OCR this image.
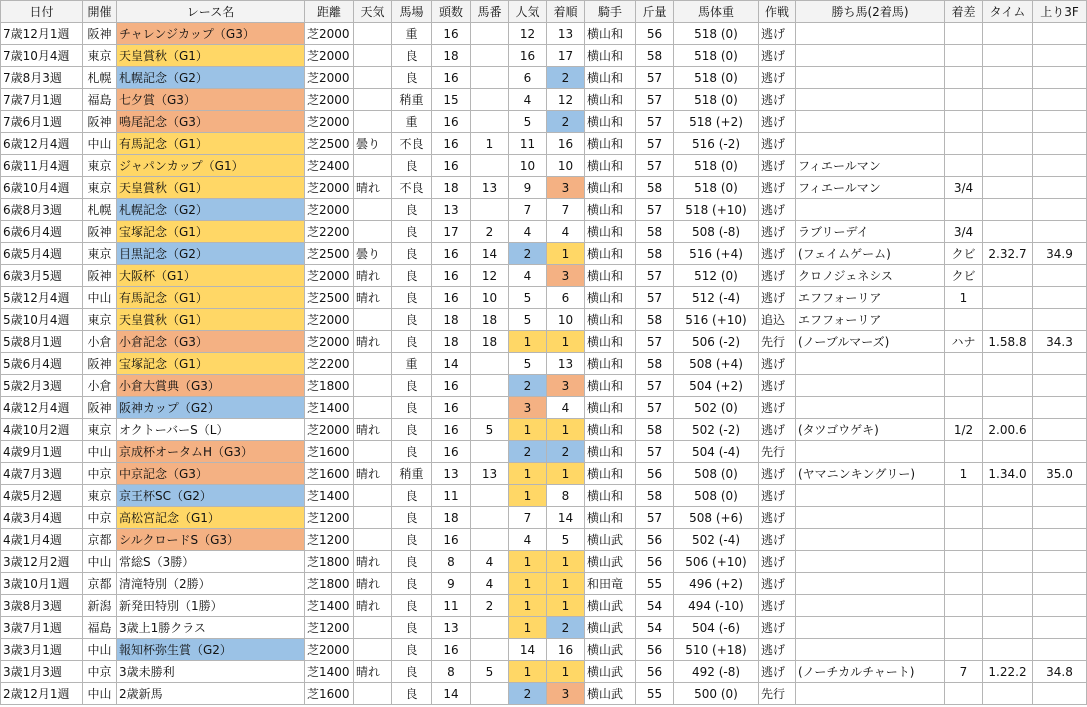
日付	開催	レース名	距離	天気	馬場	頭数	馬番	人気	着順	騎手	斤量	馬体重	作戦	勝ち馬(2着馬)	着差	タイム	上り3F
7歳12月1週	阪神	チャレンジカップ（G3）	芝2000		重	16		12	13	横山和	56	518 (0)	逃げ				
7歳10月4週	東京	天皇賞秋（G1）	芝2000		良	18		16	17	横山和	58	518 (0)	逃げ				
7歳8月3週	札幌	札幌記念（G2）	芝2000		良	16		6	2	横山和	57	518 (0)	逃げ				
7歳7月1週	福島	七夕賞（G3）	芝2000		稍重	15		4	12	横山和	57	518 (0)	逃げ				
7歳6月1週	阪神	鳴尾記念（G3）	芝2000		重	16		5	2	横山和	57	518 (+2)	逃げ				
6歳12月4週	中山	有馬記念（G1）	芝2500	曇り	不良	16	1	11	16	横山和	57	516 (-2)	逃げ				
6歳11月4週	東京	ジャパンカップ（G1）	芝2400		良	16		10	10	横山和	57	518 (0)	逃げ	フィエールマン			
6歳10月4週	東京	天皇賞秋（G1）	芝2000	晴れ	不良	18	13	9	3	横山和	58	518 (0)	逃げ	フィエールマン	3/4		
6歳8月3週	札幌	札幌記念（G2）	芝2000		良	13		7	7	横山和	57	518 (+10)	逃げ				
6歳6月4週	阪神	宝塚記念（G1）	芝2200		良	17	2	4	4	横山和	58	508 (-8)	逃げ	ラブリーデイ	3/4		
6歳5月4週	東京	目黒記念（G2）	芝2500	曇り	良	16	14	2	1	横山和	58	516 (+4)	逃げ	(フェイムゲーム)	クビ	2.32.7	34.9
6歳3月5週	阪神	大阪杯（G1）	芝2000	晴れ	良	16	12	4	3	横山和	57	512 (0)	逃げ	クロノジェネシス	クビ		
5歳12月4週	中山	有馬記念（G1）	芝2500	晴れ	良	16	10	5	6	横山和	57	512 (-4)	逃げ	エフフォーリア	1		
5歳10月4週	東京	天皇賞秋（G1）	芝2000		良	18	18	5	10	横山和	58	516 (+10)	追込	エフフォーリア			
5歳8月1週	小倉	小倉記念（G3）	芝2000	晴れ	良	18	18	1	1	横山和	57	506 (-2)	先行	(ノーブルマーズ)	ハナ	1.58.8	34.3
5歳6月4週	阪神	宝塚記念（G1）	芝2200		重	14		5	13	横山和	58	508 (+4)	逃げ				
5歳2月3週	小倉	小倉大賞典（G3）	芝1800		良	16		2	3	横山和	57	504 (+2)	逃げ				
4歳12月4週	阪神	阪神カップ（G2）	芝1400		良	16		3	4	横山和	57	502 (0)	逃げ				
4歳10月2週	東京	オクトーバーS（L）	芝2000	晴れ	良	16	5	1	1	横山和	58	502 (-2)	逃げ	(タツゴウゲキ)	1/2	2.00.6	
4歳9月1週	中山	京成杯オータムH（G3）	芝1600		良	16		2	2	横山和	57	504 (-4)	先行				
4歳7月3週	中京	中京記念（G3）	芝1600	晴れ	稍重	13	13	1	1	横山和	56	508 (0)	逃げ	(ヤマニンキングリー)	1	1.34.0	35.0
4歳5月2週	東京	京王杯SC（G2）	芝1400		良	11		1	8	横山和	58	508 (0)	逃げ				
4歳3月4週	中京	高松宮記念（G1）	芝1200		良	18		7	14	横山和	57	508 (+6)	逃げ				
4歳1月4週	京都	シルクロードS（G3）	芝1200		良	16		4	5	横山武	56	502 (-4)	逃げ				
3歳12月2週	中山	常総S（3勝）	芝1800	晴れ	良	8	4	1	1	横山武	56	506 (+10)	逃げ				
3歳10月1週	京都	清滝特別（2勝）	芝1800	晴れ	良	9	4	1	1	和田竜	55	496 (+2)	逃げ				
3歳8月3週	新潟	新発田特別（1勝）	芝1400	晴れ	良	11	2	1	1	横山武	54	494 (-10)	逃げ				
3歳7月1週	福島	3歳上1勝クラス	芝1200		良	13		1	2	横山武	54	504 (-6)	逃げ				
3歳3月1週	中山	報知杯弥生賞（G2）	芝2000		良	16		14	16	横山武	56	510 (+18)	逃げ				
3歳1月3週	中京	3歳未勝利	芝1400	晴れ	良	8	5	1	1	横山武	56	492 (-8)	逃げ	(ノーチカルチャート)	7	1.22.2	34.8
2歳12月1週	中山	2歳新馬	芝1600		良	14		2	3	横山武	55	500 (0)	先行				
